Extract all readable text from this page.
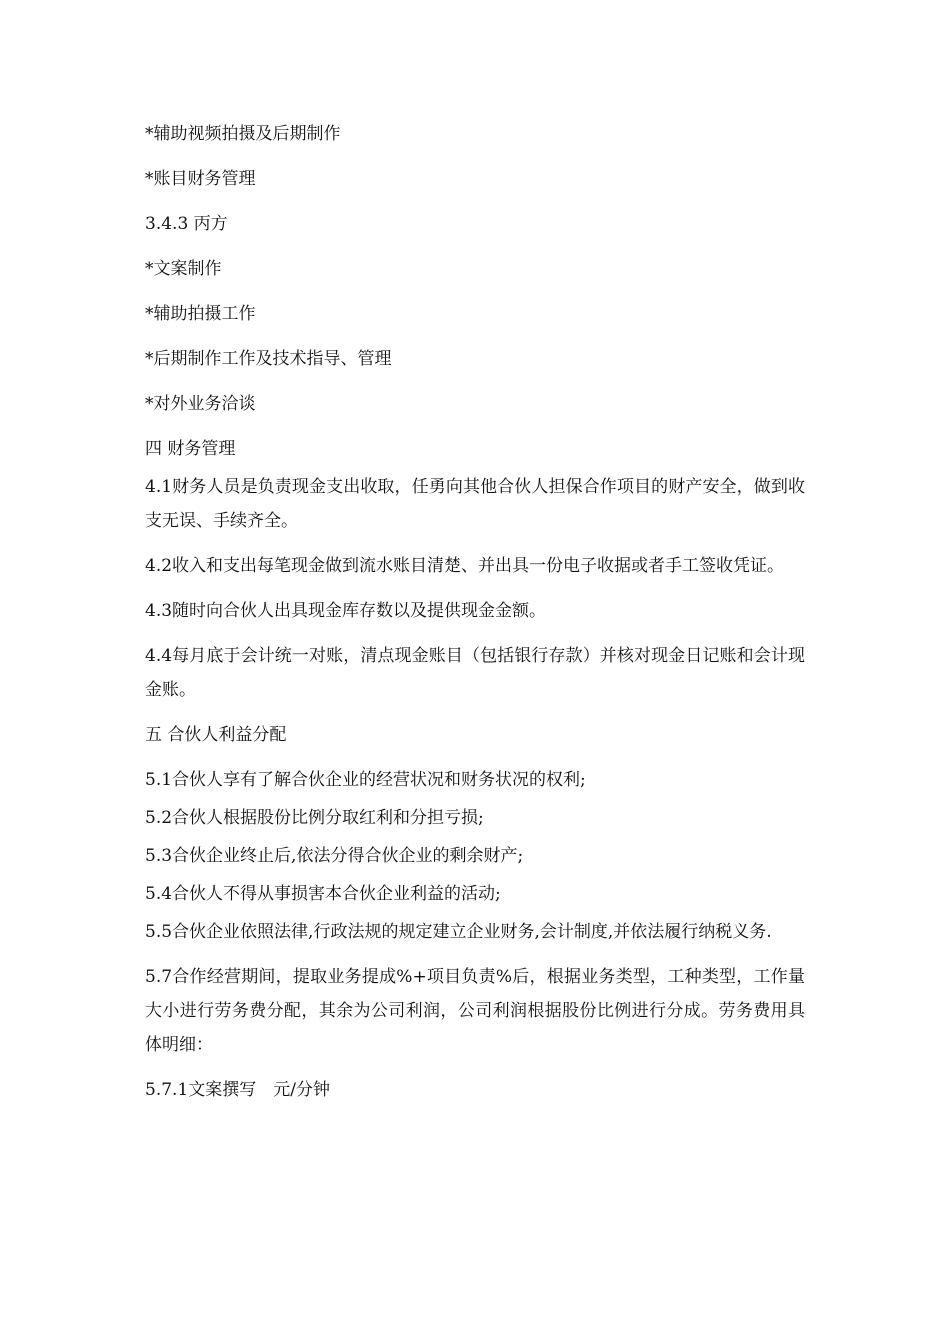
*辅助视频拍摄及后期制作

*账目财务管理

3.4.3 丙方

*文案制作

*辅助拍摄工作

*后期制作工作及技术指导、管理

*对外业务洽谈

四 财务管理

4.1财务人员是负责现金支出收取，任勇向其他合伙人担保合作项目的财产安全，做到收支无误、手续齐全。

4.2收入和支出每笔现金做到流水账目清楚、并出具一份电子收据或者手工签收凭证。

4.3随时向合伙人出具现金库存数以及提供现金金额。

4.4每月底于会计统一对账，清点现金账目（包括银行存款）并核对现金日记账和会计现金账。

五 合伙人利益分配

5.1合伙人享有了解合伙企业的经营状况和财务状况的权利;

5.2合伙人根据股份比例分取红利和分担亏损;

5.3合伙企业终止后,依法分得合伙企业的剩余财产;

5.4合伙人不得从事损害本合伙企业利益的活动;

5.5合伙企业依照法律,行政法规的规定建立企业财务,会计制度,并依法履行纳税义务.

5.7合作经营期间，提取业务提成%+项目负责%后，根据业务类型，工种类型，工作量大小进行劳务费分配，其余为公司利润，公司利润根据股份比例进行分成。劳务费用具体明细：

5.7.1文案撰写　元/分钟
